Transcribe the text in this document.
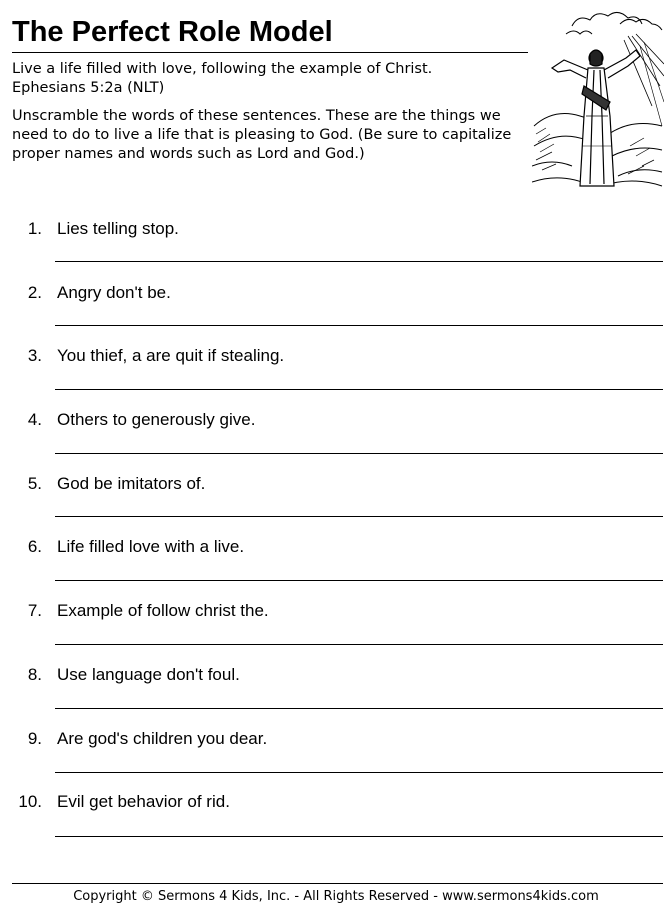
The Perfect Role Model
Live a life filled with love, following the example of Christ.
Ephesians 5:2a (NLT)
Unscramble the words of these sentences. These are the things we need to do to live a life that is pleasing to God. (Be sure to capitalize proper names and words such as Lord and God.)
1. Lies telling stop.
2. Angry don't be.
3. You thief, a are quit if stealing.
4. Others to generously give.
5. God be imitators of.
6. Life filled love with a live.
7. Example of follow christ the.
8. Use language don't foul.
9. Are god's children you dear.
10. Evil get behavior of rid.
Copyright © Sermons 4 Kids, Inc. - All Rights Reserved - www.sermons4kids.com
